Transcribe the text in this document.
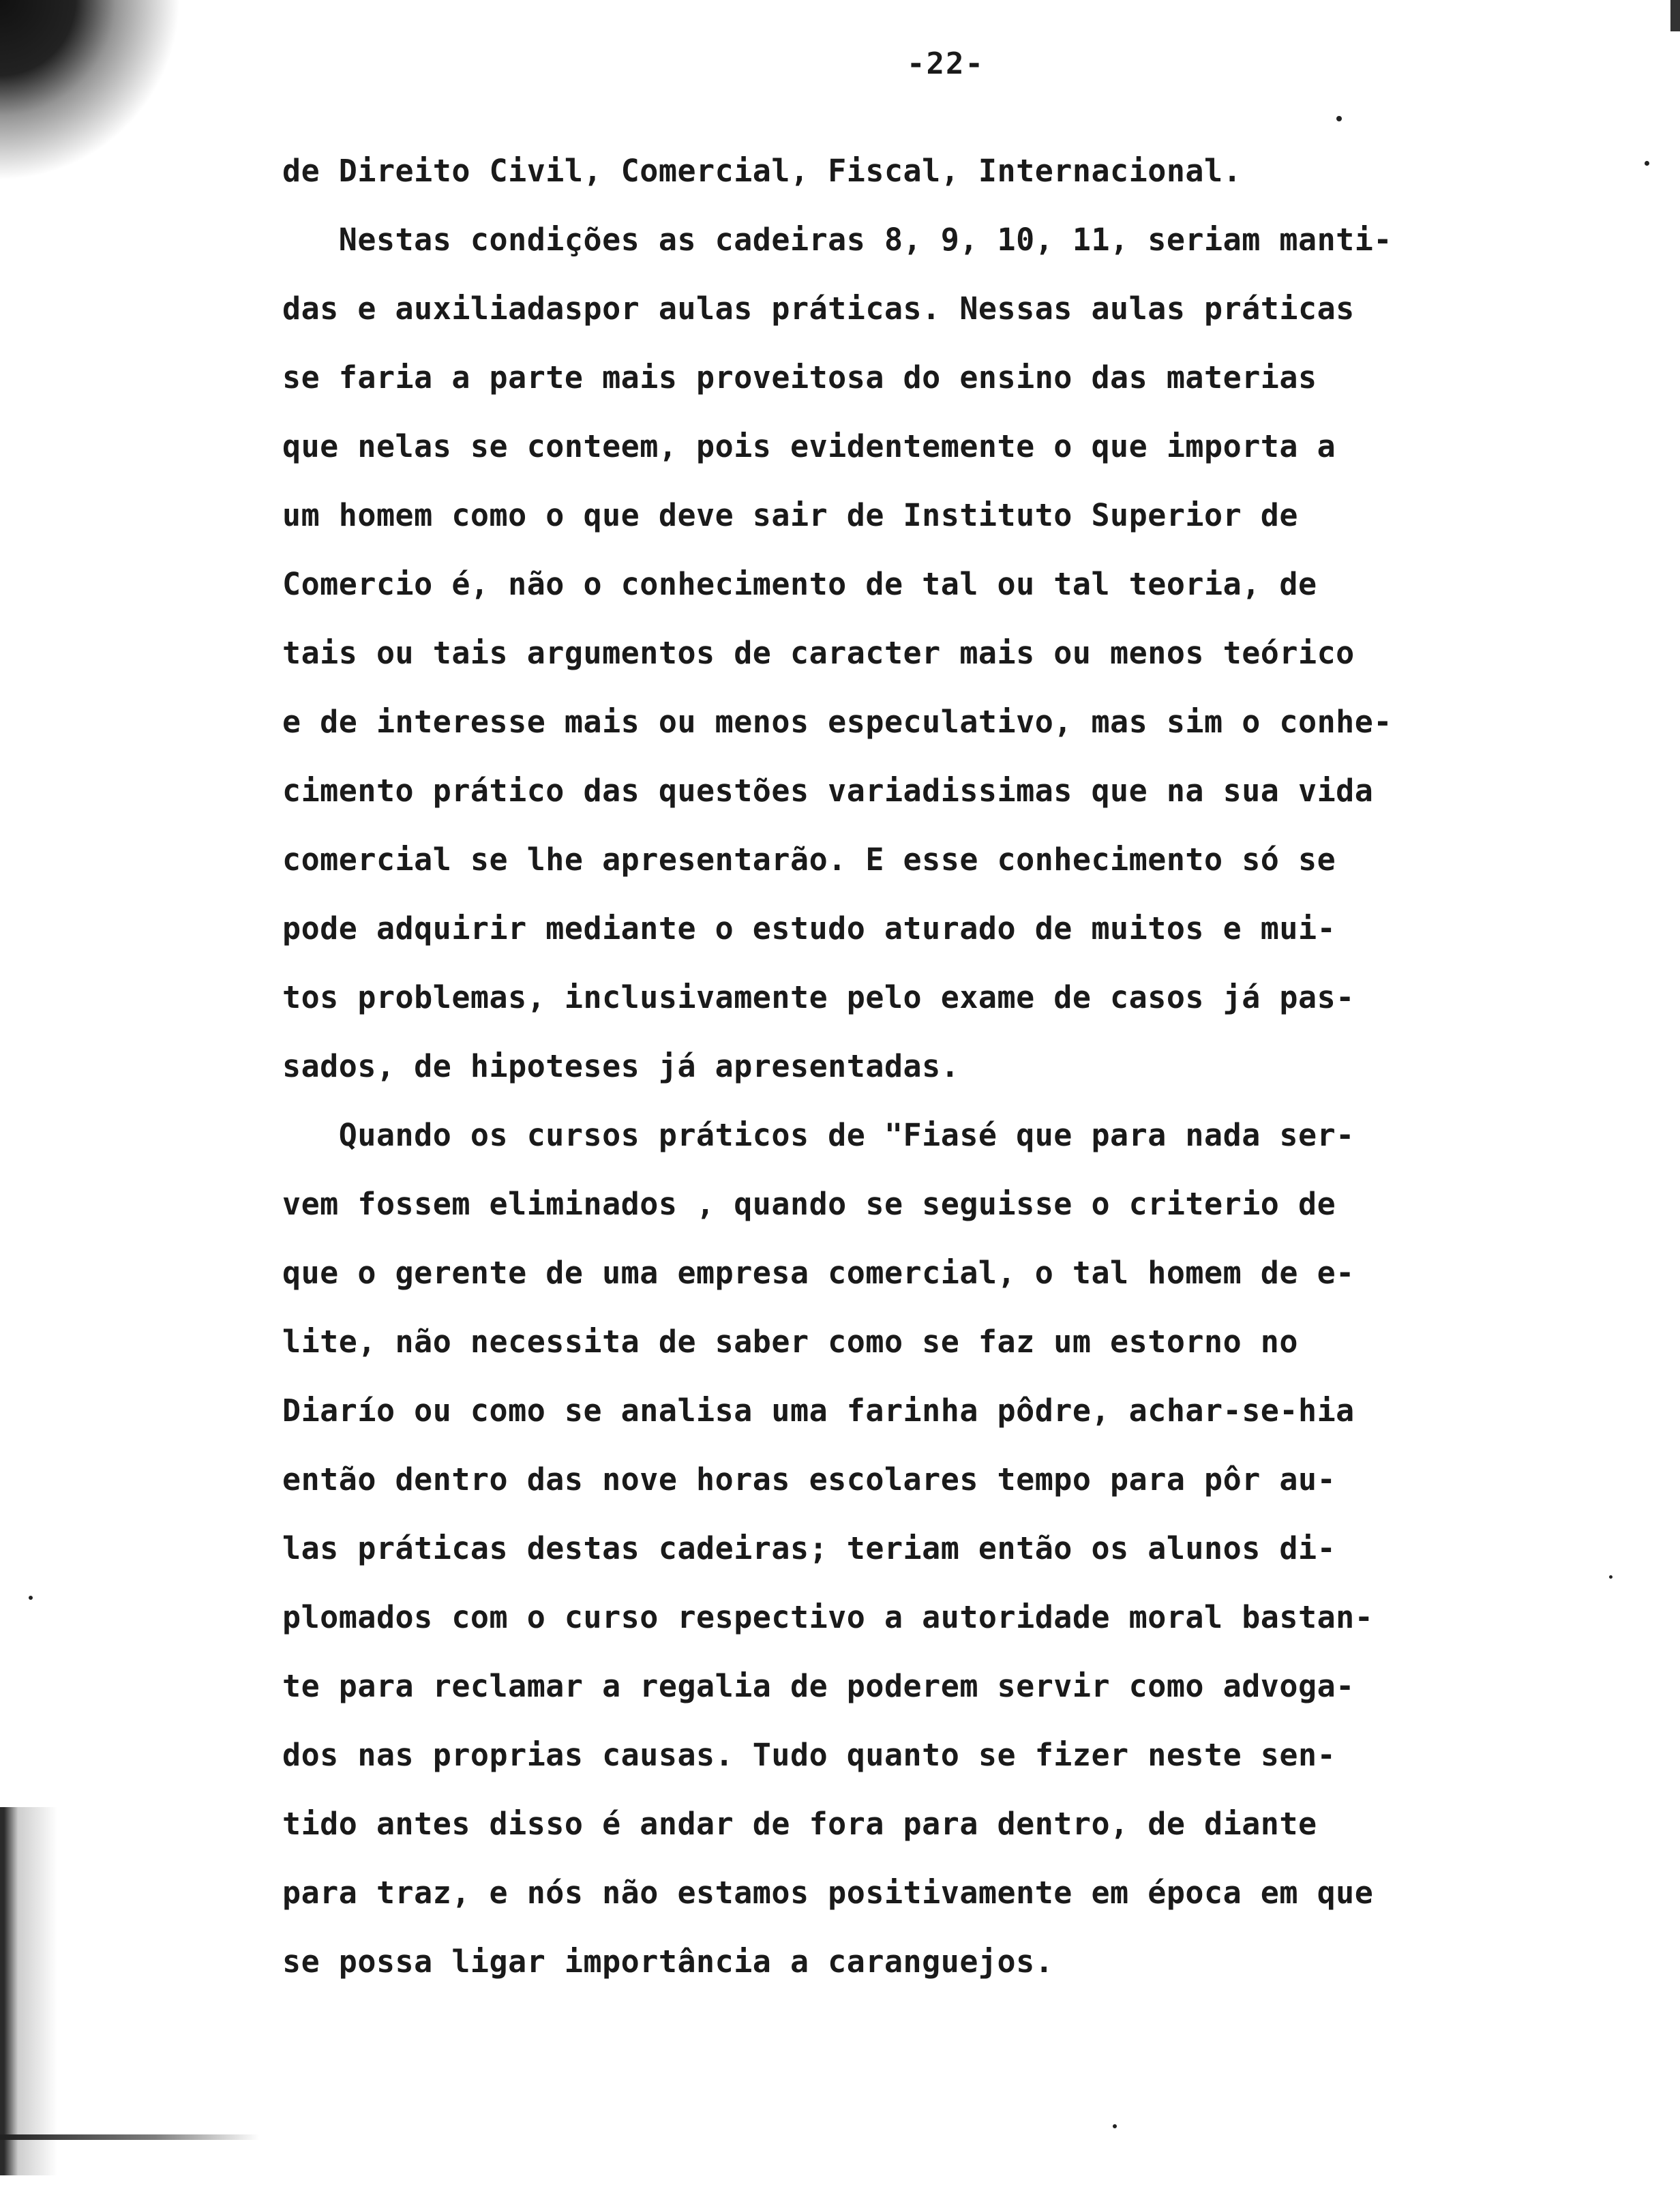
-22-
de Direito Civil, Comercial, Fiscal, Internacional.
Nestas condições as cadeiras 8, 9, 10, 11, seriam manti-
das e auxiliadaspor aulas práticas. Nessas aulas práticas
se faria a parte mais proveitosa do ensino das materias
que nelas se conteem, pois evidentemente o que importa a
um homem como o que deve sair de Instituto Superior de
Comercio é, não o conhecimento de tal ou tal teoria, de
tais ou tais argumentos de caracter mais ou menos teórico
e de interesse mais ou menos especulativo, mas sim o conhe-
cimento prático das questões variadissimas que na sua vida
comercial se lhe apresentarão. E esse conhecimento só se
pode adquirir mediante o estudo aturado de muitos e mui-
tos problemas, inclusivamente pelo exame de casos já pas-
sados, de hipoteses já apresentadas.
Quando os cursos práticos de "Fiasé que para nada ser-
vem fossem eliminados , quando se seguisse o criterio de
que o gerente de uma empresa comercial, o tal homem de e-
lite, não necessita de saber como se faz um estorno no
Diarío ou como se analisa uma farinha pôdre, achar-se-hia
então dentro das nove horas escolares tempo para pôr au-
las práticas destas cadeiras; teriam então os alunos di-
plomados com o curso respectivo a autoridade moral bastan-
te para reclamar a regalia de poderem servir como advoga-
dos nas proprias causas. Tudo quanto se fizer neste sen-
tido antes disso é andar de fora para dentro, de diante
para traz, e nós não estamos positivamente em época em que
se possa ligar importância a caranguejos.
